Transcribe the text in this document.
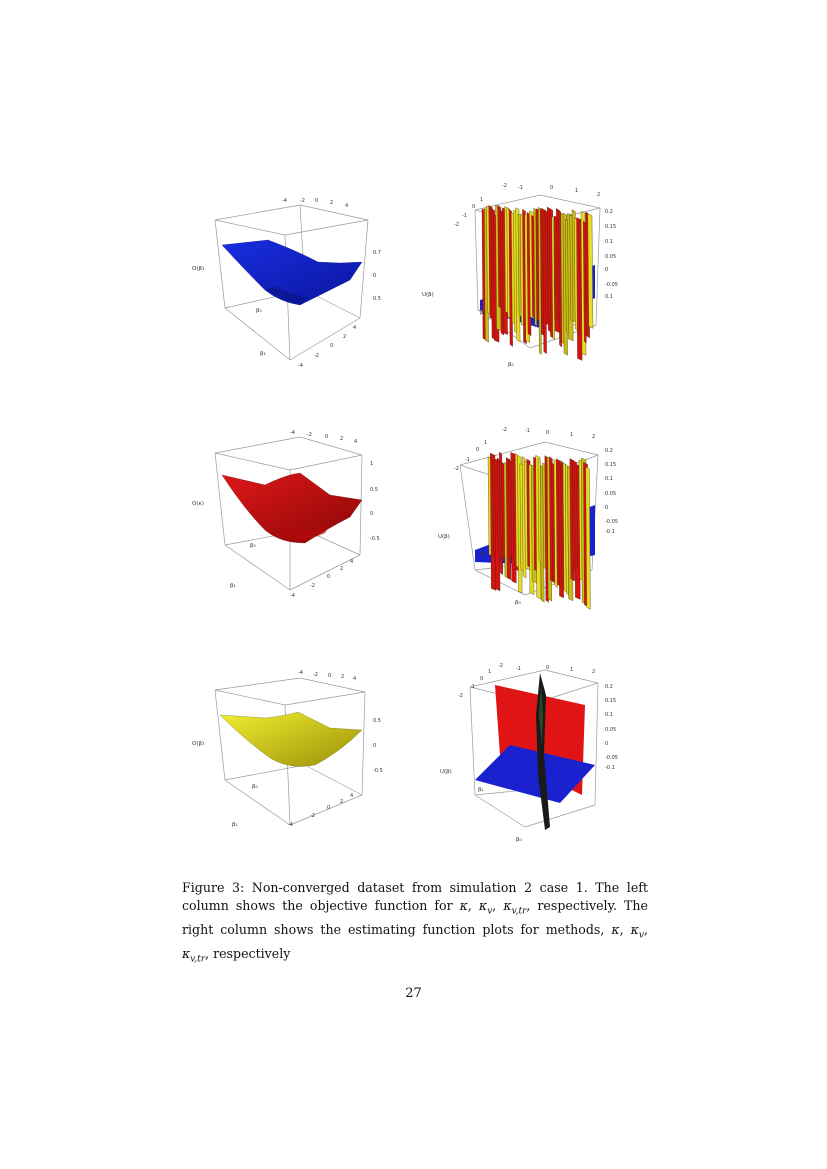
O(β)
β₁
β₀
-4	-2 0 2 4
0.7
0
0.5
-4
-2
0
2
4
U(β)
β₀
β₁
-2 -1	0	1
2
-2
-1
0
1
0.2
0.15
0.1
0.05
0
-0.05
0.1
O(κ)
β₁
β₀
-4 -2	0 2 4
1
0.5
0
-0.5
-4
-2
0
2
4
U(β)
β₀
β₁
-2	-1	0	1	2
-2
-1
0
1
0.2
0.15
0.1
0.05
0
-0.05
-0.1
O(β)
β₁
β₀
-4 -2 0 2 4
0.5
0
-0.5
-4
-2
0
2
4
U(β)
β₀
β₁
-2	-1	0	1	2
-2
-1
0
1
0.2
0.15
0.1
0.05
0
-0.05
-0.1
Figure 3: Non-converged dataset from simulation 2 case 1. The left column shows the objective function for κ, $\kappa_v$, $\kappa_{v,tr}$, respectively. The right column shows the estimating function plots for methods, κ, $\kappa_v$, $\kappa_{v,tr}$, respectively
27
